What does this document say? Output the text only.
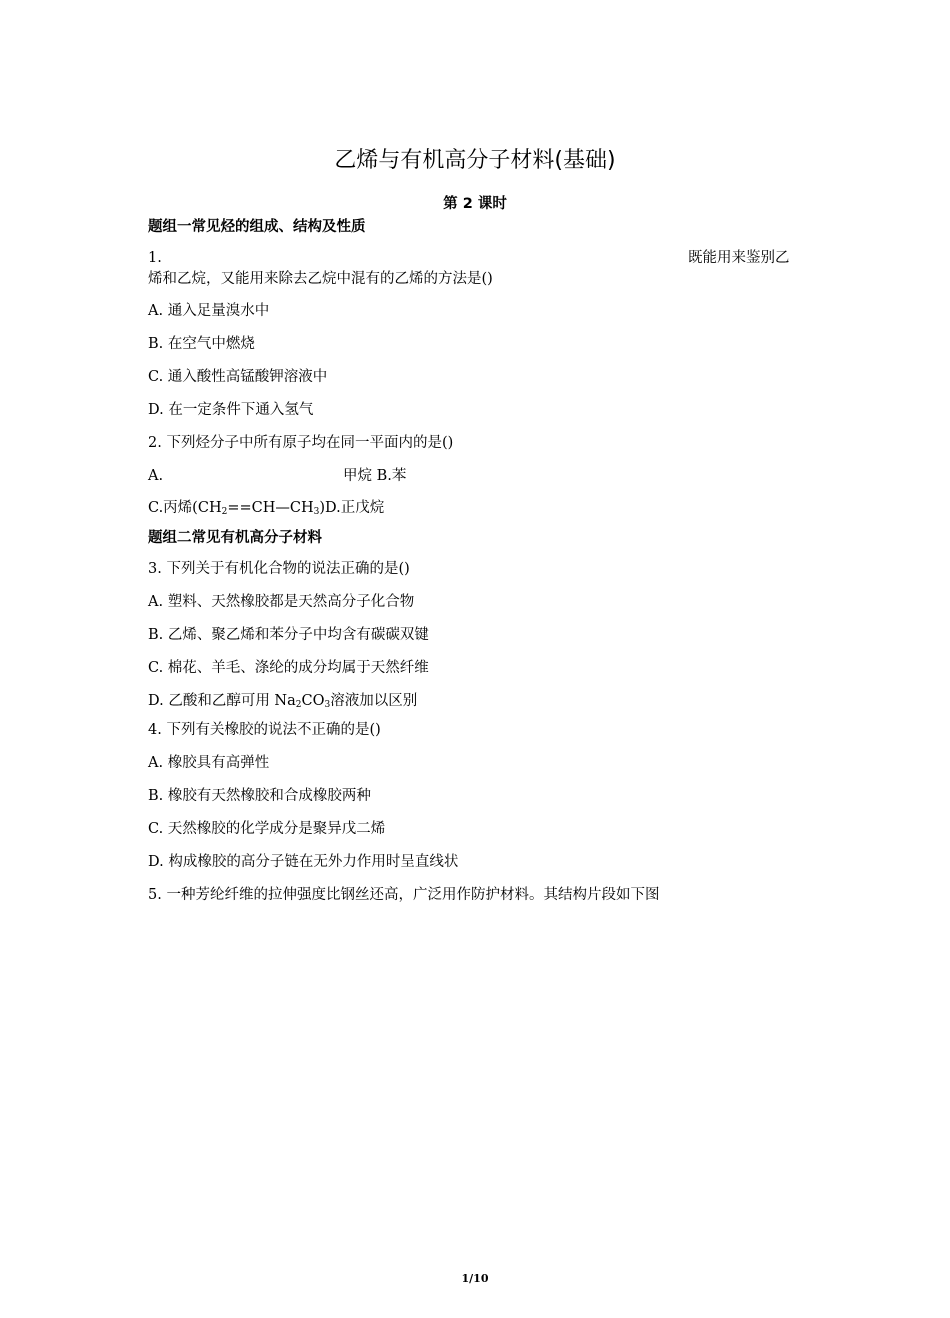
乙烯与有机高分子材料(基础)
第 2 课时
题组一常见烃的组成、结构及性质
1.	既能用来鉴别乙
烯和乙烷，又能用来除去乙烷中混有的乙烯的方法是()
A. 通入足量溴水中
B. 在空气中燃烧
C. 通入酸性高锰酸钾溶液中
D. 在一定条件下通入氢气
2. 下列烃分子中所有原子均在同一平面内的是()
A.	甲烷 B.苯
C.丙烯$(CH_2==CH—CH_3)D$.正戊烷
题组二常见有机高分子材料
3. 下列关于有机化合物的说法正确的是()
A. 塑料、天然橡胶都是天然高分子化合物
B. 乙烯、聚乙烯和苯分子中均含有碳碳双键
C. 棉花、羊毛、涤纶的成分均属于天然纤维
D. 乙酸和乙醇可用 $Na_2CO_3$溶液加以区别
4. 下列有关橡胶的说法不正确的是()
A. 橡胶具有高弹性
B. 橡胶有天然橡胶和合成橡胶两种
C. 天然橡胶的化学成分是聚异戊二烯
D. 构成橡胶的高分子链在无外力作用时呈直线状
5. 一种芳纶纤维的拉伸强度比钢丝还高，广泛用作防护材料。其结构片段如下图
1/10
